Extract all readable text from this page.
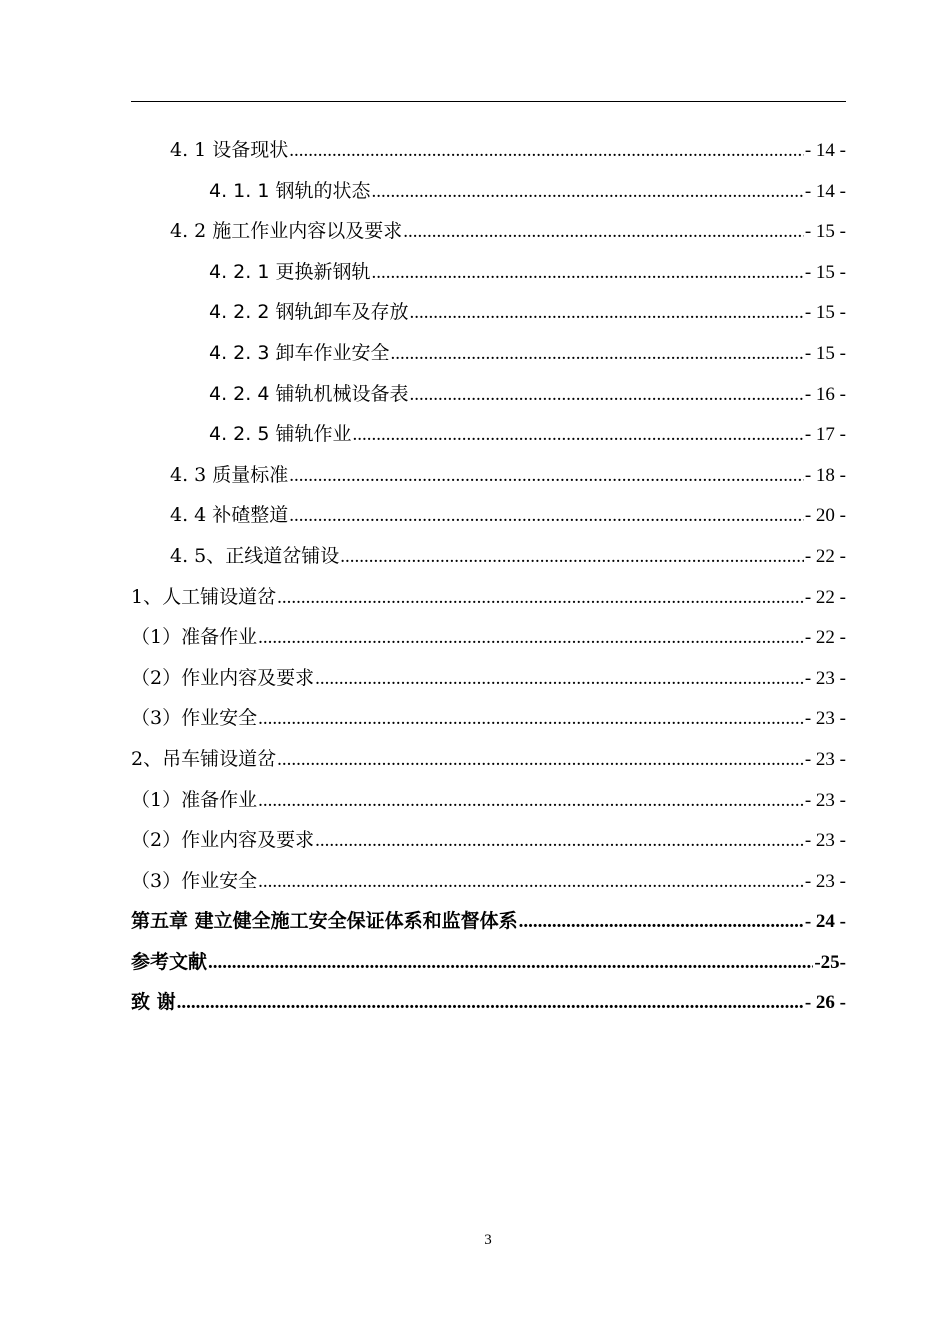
4. 1 设备现状 .....	- 14 -
4. 1. 1 钢轨的状态 .....	- 14 -
4. 2 施工作业内容以及要求 .....	- 15 -
4. 2. 1 更换新钢轨 .....	- 15 -
4. 2. 2 钢轨卸车及存放 .....	- 15 -
4. 2. 3 卸车作业安全 .....	- 15 -
4. 2. 4 铺轨机械设备表 .....	- 16 -
4. 2. 5 铺轨作业 .....	- 17 -
4. 3 质量标准 .....	- 18 -
4. 4 补碴整道 .....	- 20 -
4. 5、正线道岔铺设 .....	- 22 -
1、人工铺设道岔 .....	- 22 -
（1）准备作业 .....	- 22 -
（2）作业内容及要求 .....	- 23 -
（3）作业安全 .....	- 23 -
2、吊车铺设道岔 .....	- 23 -
（1）准备作业 .....	- 23 -
（2）作业内容及要求 .....	- 23 -
（3）作业安全 .....	- 23 -
第五章 建立健全施工安全保证体系和监督体系 .....	- 24 -
参考文献 .....	-25-
致 谢 .....	- 26 -
3
